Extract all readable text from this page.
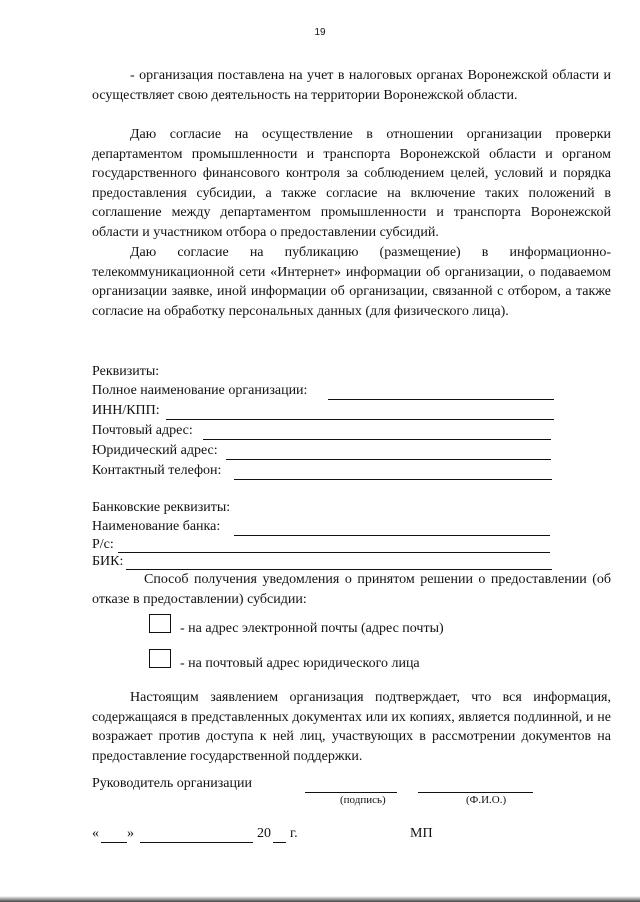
19

- организация поставлена на учет в налоговых органах Воронежской области и осуществляет свою деятельность на территории Воронежской области.

Даю согласие на осуществление в отношении организации проверки департаментом промышленности и транспорта Воронежской области и органом государственного финансового контроля за соблюдением целей, условий и порядка предоставления субсидии, а также согласие на включение таких положений в соглашение между департаментом промышленности и транспорта Воронежской области и участником отбора о предоставлении субсидий.

Даю согласие на публикацию (размещение) в информационно-телекоммуникационной сети «Интернет» информации об организации, о подаваемом организации заявке, иной информации об организации, связанной с отбором, а также согласие на обработку персональных данных (для физического лица).

Реквизиты:
Полное наименование организации:
ИНН/КПП:
Почтовый адрес:
Юридический адрес:
Контактный телефон:
Банковские реквизиты:
Наименование банка:
Р/с:
БИК:

Способ получения уведомления о принятом решении о предоставлении (об отказе в предоставлении) субсидии:

- на адрес электронной почты (адрес почты)
- на почтовый адрес юридического лица

Настоящим заявлением организация подтверждает, что вся информация, содержащаяся в представленных документах или их копиях, является подлинной, и не возражает против доступа к ней лиц, участвующих в рассмотрении документов на предоставление государственной поддержки.

Руководитель организации
(подпись)	(Ф.И.О.)
« »	20 г.	МП
